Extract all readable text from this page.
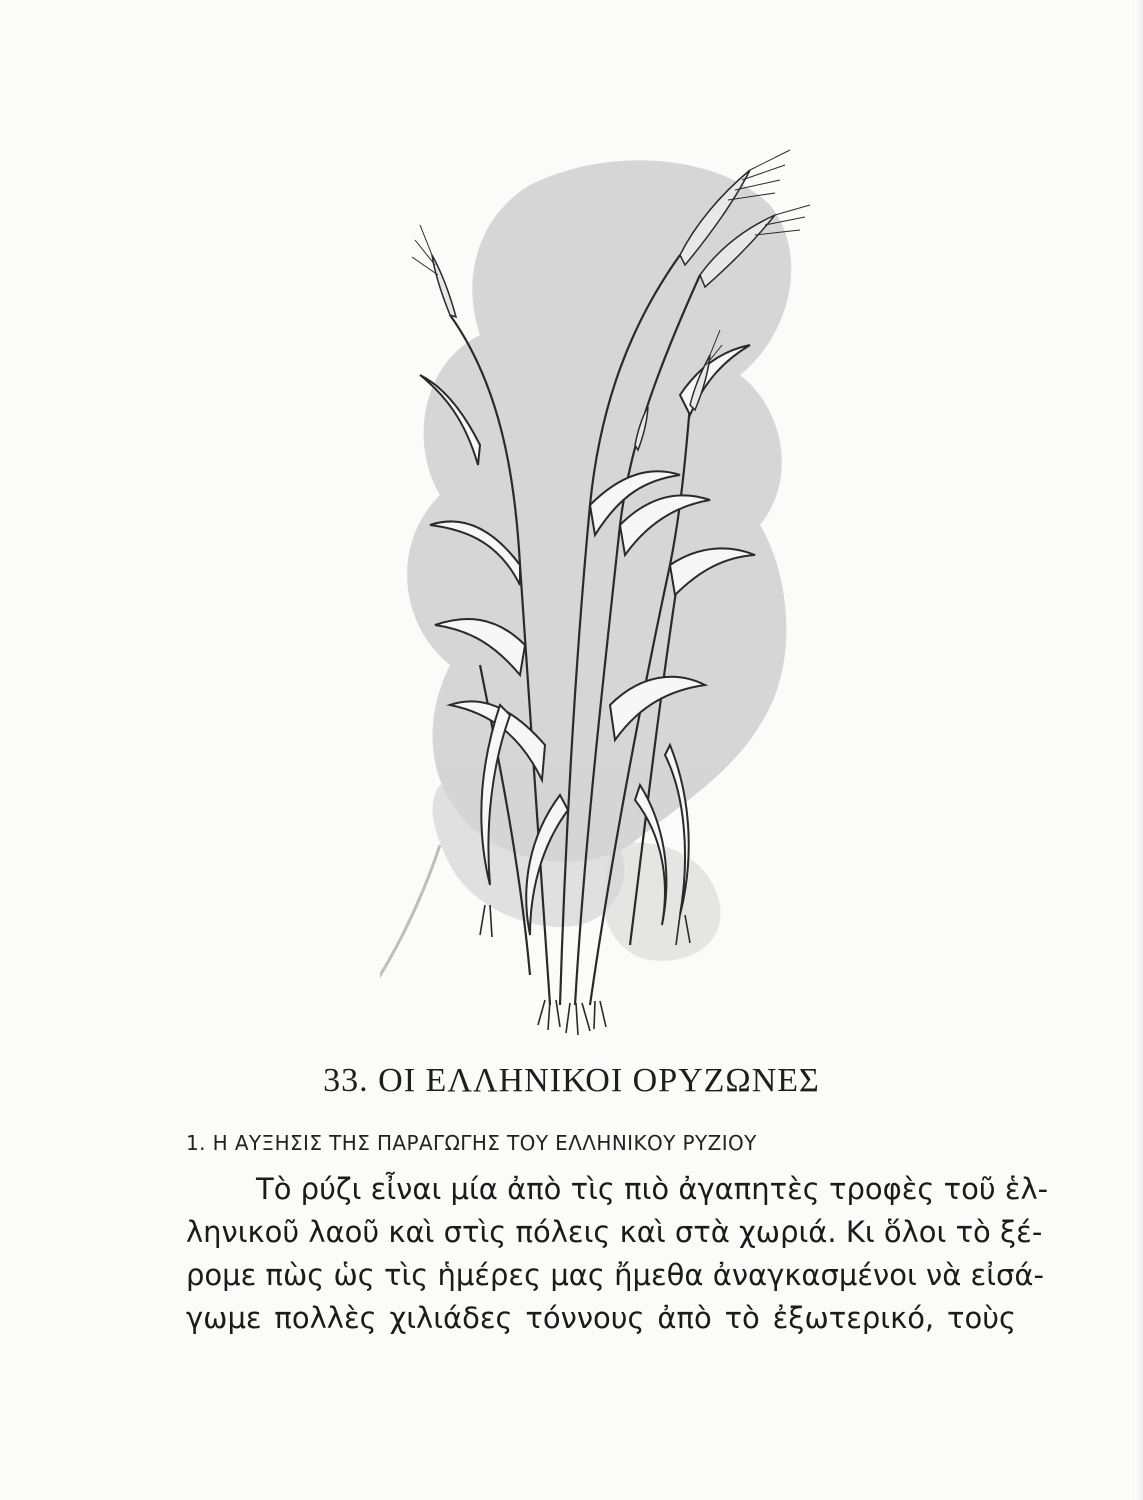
33. ΟΙ ΕΛΛΗΝΙΚΟΙ ΟΡΥΖΩΝΕΣ
1. Η ΑΥΞΗΣΙΣ ΤΗΣ ΠΑΡΑΓΩΓΗΣ ΤΟΥ ΕΛΛΗΝΙΚΟΥ ΡΥΖΙΟΥ
Τὸ ρύζι εἶναι μία ἀπὸ τὶς πιὸ ἀγαπητὲς τροφὲς τοῦ ἑλ-
ληνικοῦ λαοῦ καὶ στὶς πόλεις καὶ στὰ χωριά. Κι ὅλοι τὸ ξέ-
ρομε πὼς ὡς τὶς ἡμέρες μας ἤμεθα ἀναγκασμένοι νὰ εἰσά-
γωμε πολλὲς χιλιάδες τόννους ἀπὸ τὸ ἐξωτερικό, τοὺς
